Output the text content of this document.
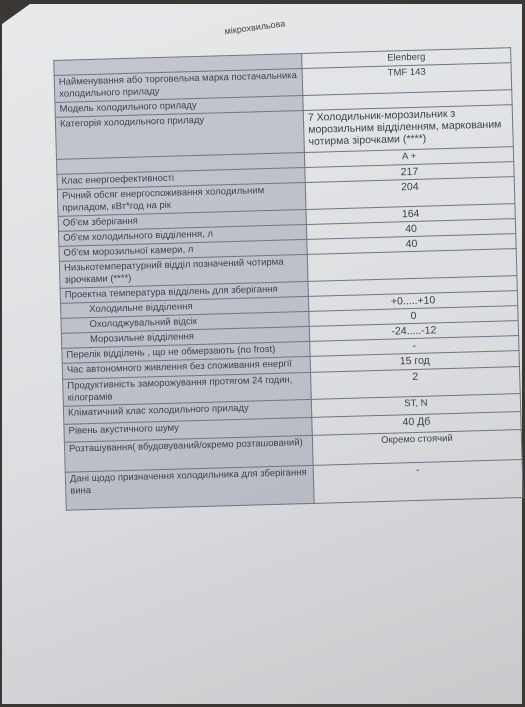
мікрохвильова
	Elenberg
Найменування або торговельна марка постачальника холодильного приладу	TMF 143
Модель холодильного приладу	
Категорія холодильного приладу	7 Холодильник-морозильник з морозильним відділенням, маркованим чотирма зірочками (****)
	A +
Клас енергоефективності	217
Річний обсяг енергоспоживання холодильним приладом, кВт*год на рік	204
Об'єм зберігання	164
Об'єм холодильного відділення, л	40
Об'єм морозильної камери, л	40
Низькотемпературний відділ позначений чотирма зірочками (****)	
Проектна температура відділень для зберігання	
Холодильне відділення	+0.....+10
Охолоджувальний відсік	0
Морозильне відділення	-24.....-12
Перелік відділень , що не обмерзають (no frost)	-
Час автономного живлення без споживання енергії	15 год
Продуктивність заморожування протягом 24 годин, кілограмів	2
Кліматичний клас холодильного приладу	ST, N
Рівень акустичного шуму	40 Дб
Розташування( вбудовуваний/окремо розташований)	Окремо стоячий
Дані щодо призначення холодильника для зберігання вина	-
